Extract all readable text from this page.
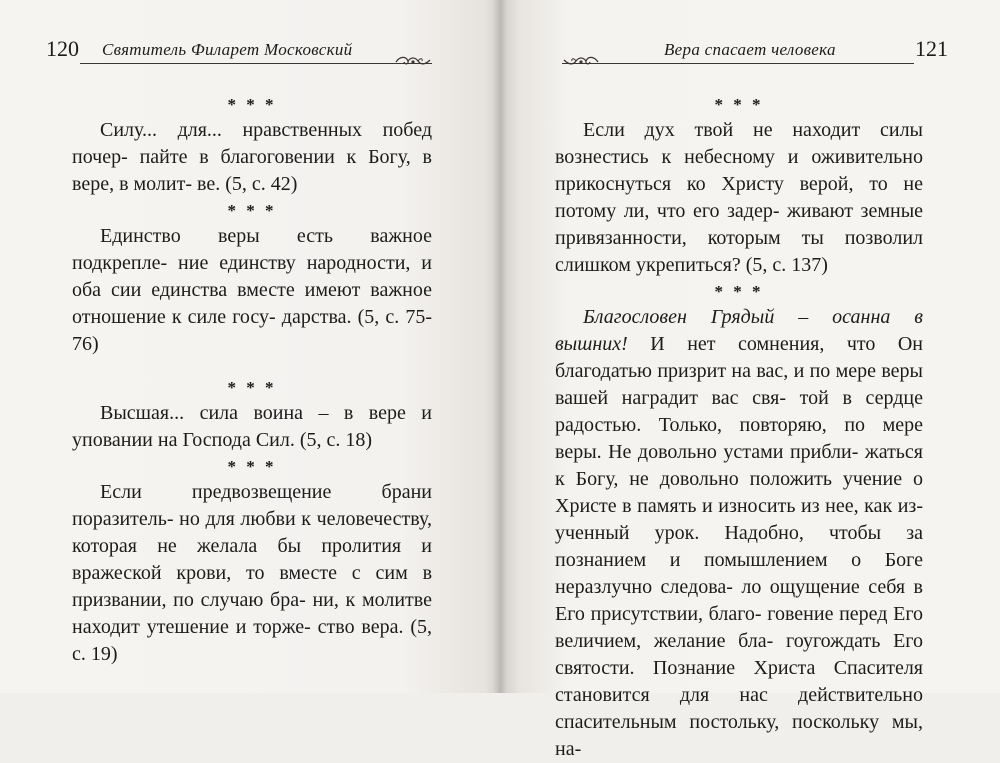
120 Святитель Филарет Московский
* * *

Силу... для... нравственных побед почер- пайте в благоговении к Богу, в вере, в молит- ве. (5, с. 42)

* * *

Единство веры есть важное подкрепле- ние единству народности, и оба сии единства вместе имеют важное отношение к силе госу- дарства. (5, с. 75-76)

* * *

Высшая... сила воина – в вере и уповании на Господа Сил. (5, с. 18)

* * *

Если предвозвещение брани поразитель- но для любви к человечеству, которая не желала бы пролития и вражеской крови, то вместе с сим в призвании, по случаю бра- ни, к молитве находит утешение и торже- ство вера. (5, с. 19)

Вера спасает человека	121
* * *

Если дух твой не находит силы вознестись к небесному и оживительно прикоснуться ко Христу верой, то не потому ли, что его задер- живают земные привязанности, которым ты позволил слишком укрепиться? (5, с. 137)

* * *

Благословен Грядый – осанна в вышних! И нет сомнения, что Он благодатью призрит на вас, и по мере веры вашей наградит вас свя- той в сердце радостью. Только, повторяю, по мере веры. Не довольно устами прибли- жаться к Богу, не довольно положить учение о Христе в память и износить из нее, как из- ученный урок. Надобно, чтобы за познанием и помышлением о Боге неразлучно следова- ло ощущение себя в Его присутствии, благо- говение перед Его величием, желание бла- гоугождать Его святости. Познание Христа Спасителя становится для нас действительно спасительным постольку, поскольку мы, на-
